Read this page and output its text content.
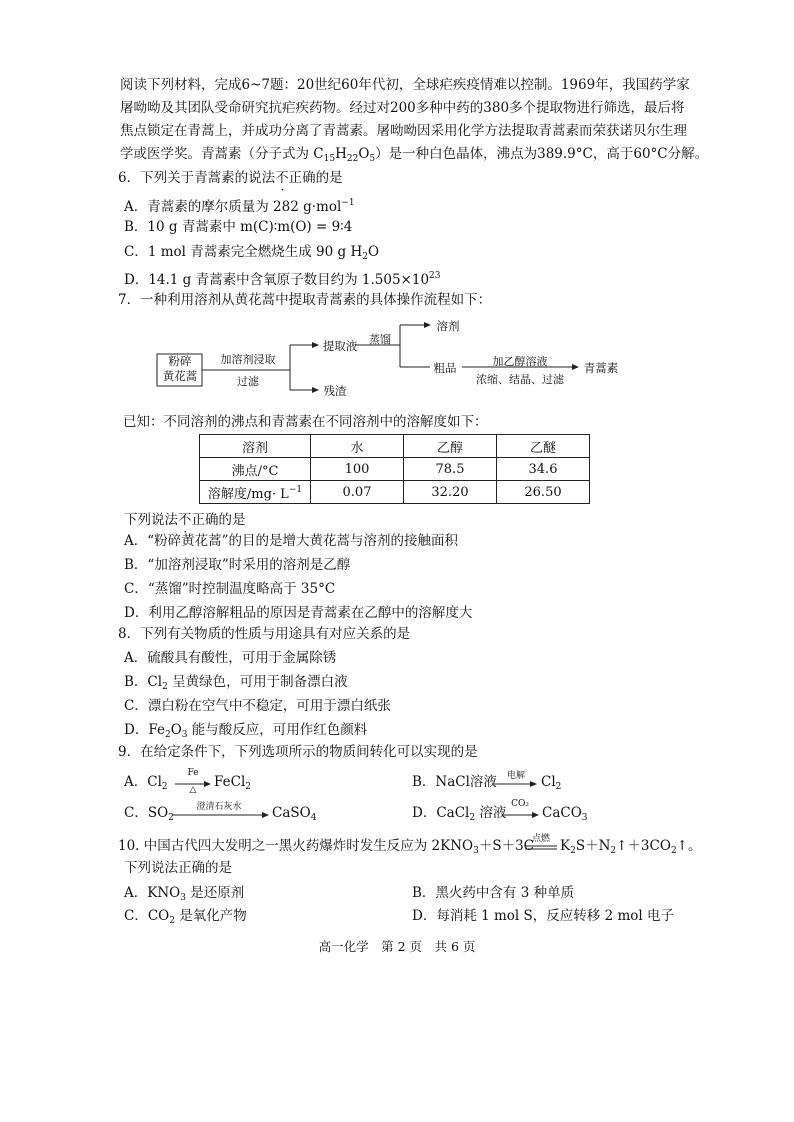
阅读下列材料，完成6~7题：20世纪60年代初，全球疟疾疫情难以控制。1969年，我国药学家
屠呦呦及其团队受命研究抗疟疾药物。经过对200多种中药的380多个提取物进行筛选，最后将
焦点锁定在青蒿上，并成功分离了青蒿素。屠呦呦因采用化学方法提取青蒿素而荣获诺贝尔生理
学或医学奖。青蒿素（分子式为 $C_{15}H_{22}O_5$）是一种白色晶体，沸点为389.9°C，高于60°C分解。
6．下列关于青蒿素的说法不正确的是
A．青蒿素的摩尔质量为 282 g·mol$^{-1}$
B．10 g 青蒿素中 m(C)∶m(O) = 9∶4
C．1 mol 青蒿素完全燃烧生成 90 g $H_2O$
D．14.1 g 青蒿素中含氧原子数目约为 $1.505\times 10^{23}$
7．一种利用溶剂从黄花蒿中提取青蒿素的具体操作流程如下：
粉碎
黄花蒿
加溶剂浸取
过滤
提取液
残渣
蒸馏
溶剂
粗品	加乙醇溶液
浓缩、结晶、过滤
青蒿素
已知：不同溶剂的沸点和青蒿素在不同溶剂中的溶解度如下：
溶剂	水	乙醇	乙醚
沸点/°C	100	78.5	34.6
溶解度$/mg\cdot L^{-1}$	0.07	32.20	26.50
下列说法不正确的是
A．“粉碎黄花蒿”的目的是增大黄花蒿与溶剂的接触面积
B．“加溶剂浸取”时采用的溶剂是乙醇
C．“蒸馏”时控制温度略高于 35°C
D．利用乙醇溶解粗品的原因是青蒿素在乙醇中的溶解度大
8．下列有关物质的性质与用途具有对应关系的是
A．硫酸具有酸性，可用于金属除锈
B．$Cl_2$ 呈黄绿色，可用于制备漂白液
C．漂白粉在空气中不稳定，可用于漂白纸张
D．$Fe_2O_3$ 能与酸反应，可用作红色颜料
9．在给定条件下，下列选项所示的物质间转化可以实现的是
A．$Cl_2$
Fe
△	FeCl$_2$	B．NaCl溶液	电解	$Cl_2$
C．$SO_2$
澄清石灰水	CaSO$_4$	D．CaCl$_2$ 溶液
CO₂
CaCO$_3$
10. 中国古代四大发明之一黑火药爆炸时发生反应为 $2KNO_3+S+3C$
点燃 $K_2S+N_2↑+3CO_2↑$。
下列说法正确的是
A．$KNO_3$ 是还原剂	B．黑火药中含有 3 种单质
C．$CO_2$ 是氧化产物	D．每消耗 1 mol S，反应转移 2 mol 电子
高一化学　第 2 页　共 6 页
